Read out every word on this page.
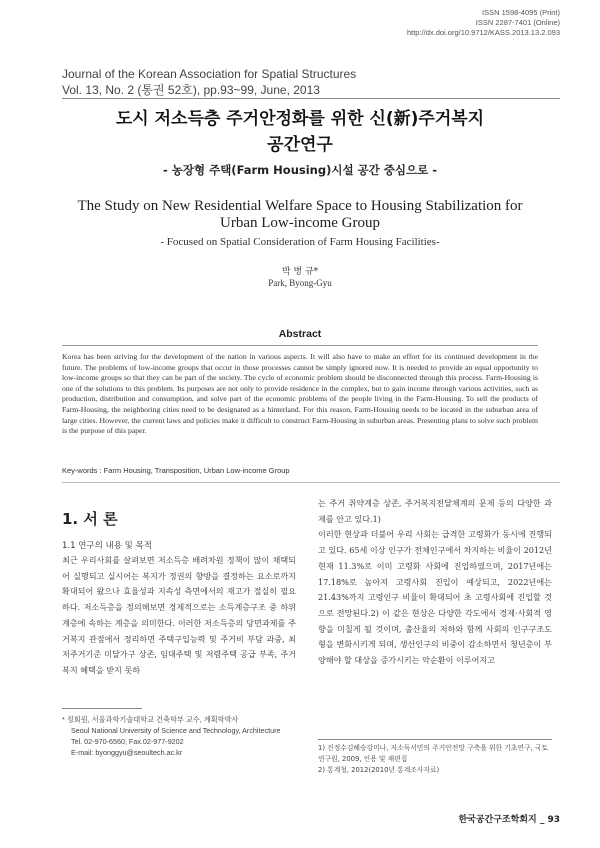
ISSN 1598-4095 (Print)
ISSN 2287-7401 (Online)
http://dx.doi.org/10.9712/KASS.2013.13.2.093
Journal of the Korean Association for Spatial Structures
Vol. 13, No. 2 (통권 52호), pp.93~99, June, 2013
도시 저소득층 주거안정화를 위한 신(新)주거복지
공간연구
- 농장형 주택(Farm Housing)시설 공간 중심으로 -
The Study on New Residential Welfare Space to Housing Stabilization for
Urban Low-income Group
- Focused on Spatial Consideration of Farm Housing Facilities-
박 병 규*
Park, Byong-Gyu
Abstract
Korea has been striving for the development of the nation in various aspects. It will also have to make an effort for its continued development in the future. The problems of low-income groups that occur in those processes cannot be simply ignored now. It is needed to provide an equal opportunity to low-income groups so that they can be part of the society. The cycle of economic problem should be disconnected through this process. Farm-Housing is one of the solutions to this problem. Its purposes are not only to provide residence in the complex, but to gain income through various activities, such as production, distribution and consumption, and solve part of the economic problems of the people living in the Farm-Housing. To sell the products of Farm-Housing, the neighboring cities need to be designated as a hinterland. For this reason, Farm-Housing needs to be located in the suburban area of large cities. However, the current laws and policies make it difficult to construct Farm-Housing in suburban areas. Presenting plans to solve such problem is the purpose of this paper.
Key-words : Farm Housing, Transposition, Urban Low-income Group
1. 서 론
1.1 연구의 내용 및 목적
최근 우리사회를 살펴보면 저소득층 배려차원 정책이 많이 채택되어 실행되고 실시어는 복지가 정권의 향방을 결정하는 요소로까지 확대되어 왔으나 효율성과 지속성 측면에서의 재고가 절실히 필요하다. 저소득층을 정의해보면 경제적으로는 소득계층구조 중 하위계층에 속하는 계층을 의미한다. 이러한 저소득층의 당면과제를 주거복지 관점에서 정리하면 주택구입능력 및 주거비 부담 과중, 최저주거기준 미달가구 상존, 임대주택 및 저렴주택 공급 부족, 주거복지 혜택을 받지 못하
는 주거 취약계층 상존, 주거복지전달체계의 문제 등의 다양한 과제를 안고 있다.1)
이러한 현상과 더불어 우리 사회는 급격한 고령화가 동시에 진행되고 있다. 65세 이상 인구가 전체인구에서 차지하는 비율이 2012년 현재 11.3%로 이미 고령화 사회에 진입하였으며, 2017년에는 17.18%로 높아져 고령사회 진입이 예상되고, 2022년에는 21.43%까지 고령인구 비율이 확대되어 초 고령사회에 진입할 것으로 전망된다.2) 이 같은 현상은 다양한 각도에서 경제·사회적 영향을 미칠게 될 것이며, 출산율의 저하와 함께 사회의 인구구조도형을 변화시키게 되며, 생산인구의 비중이 감소하면서 청년층이 부양해야 할 대상을 증가시키는 악순환이 이루어지고
* 정회원, 서울과학기술대학교 건축학부 교수, 계획학박사
Seoul National University of Science and Technology, Architecture
Tel. 02-970-6560, Fax.02-977-9202
E-mail: byonggyu@seoultech.ac.kr	1) 진정수김혜승강미나, 저소득서민의 주거안전망 구축을 위한 기초연구, 국토연구원, 2009, 인용 및 재편집
2) 통계청, 2012(2010년 통계조사자료)
한국공간구조학회지 _ 93
